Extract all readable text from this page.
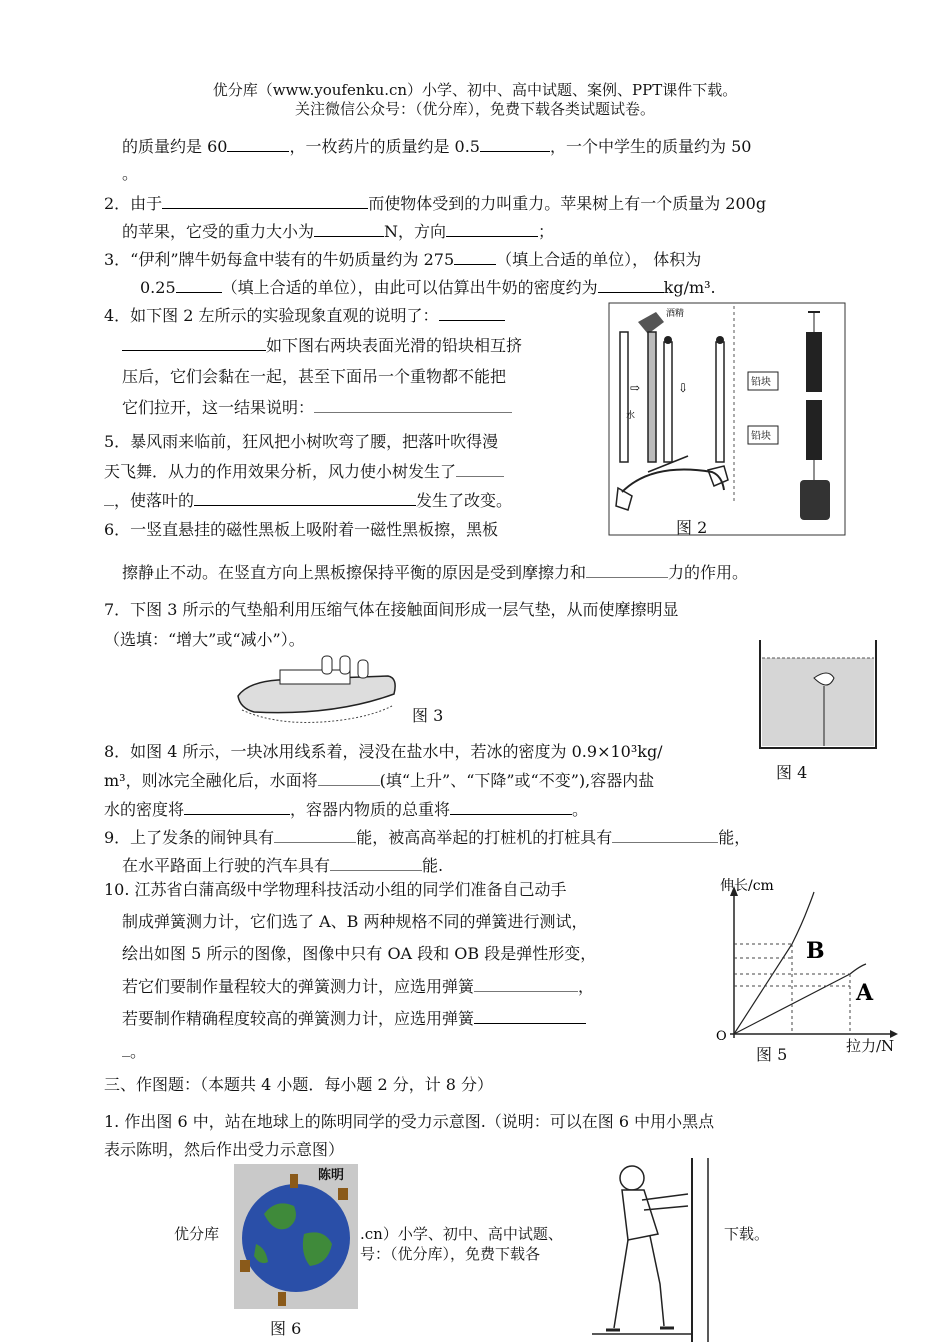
优分库（www.youfenku.cn）小学、初中、高中试题、案例、PPT课件下载。
关注微信公众号：（优分库），免费下载各类试题试卷。
的质量约是 60	，一枚药片的质量约是 0.5	，一个中学生的质量约为 50
。
2．由于	而使物体受到的力叫重力。苹果树上有一个质量为 200g
的苹果，它受的重力大小为	N，方向	；
3．“伊利”牌牛奶每盒中装有的牛奶质量约为 275	（填上合适的单位）， 体积为
0.25	（填上合适的单位），由此可以估算出牛奶的密度约为	kg/m³.
4．如下图 2 左所示的实验现象直观的说明了：
如下图右两块表面光滑的铅块相互挤
压后，它们会黏在一起，甚至下面吊一个重物都不能把
它们拉开，这一结果说明：
5．暴风雨来临前，狂风把小树吹弯了腰，把落叶吹得漫
天飞舞．从力的作用效果分析，风力使小树发生了
，使落叶的	发生了改变。
6．一竖直悬挂的磁性黑板上吸附着一磁性黑板擦，黑板
擦静止不动。在竖直方向上黑板擦保持平衡的原因是受到摩擦力和	力的作用。
7．下图 3 所示的气垫船利用压缩气体在接触面间形成一层气垫，从而使摩擦明显
（选填：“增大”或“减小”）。
8．如图 4 所示，一块冰用线系着，浸没在盐水中，若冰的密度为 0.9×10³kg/
m³，则冰完全融化后，水面将	(填“上升”、“下降”或“不变”),容器内盐
水的密度将	，容器内物质的总重将	。
9．上了发条的闹钟具有	能，被高高举起的打桩机的打桩具有	能，
在水平路面上行驶的汽车具有	能.
10. 江苏省白蒲高级中学物理科技活动小组的同学们准备自己动手
制成弹簧测力计，它们选了 A、B 两种规格不同的弹簧进行测试，
绘出如图 5 所示的图像，图像中只有 OA 段和 OB 段是弹性形变，
若它们要制作量程较大的弹簧测力计，应选用弹簧	，
若要制作精确程度较高的弹簧测力计，应选用弹簧
。
三、作图题：（本题共 4 小题．每小题 2 分，计 8 分）
1. 作出图 6 中，站在地球上的陈明同学的受力示意图.（说明：可以在图 6 中用小黑点
表示陈明，然后作出受力示意图）
优分库	.cn）小学、初中、高中试题、
号：（优分库），免费下载各
下载。
酒精
水
⇨	⇩	铅块
铅块
图 2
图 3
图 4
伸长/cm
O
B
A
拉力/N
图 5
陈明
图 6
